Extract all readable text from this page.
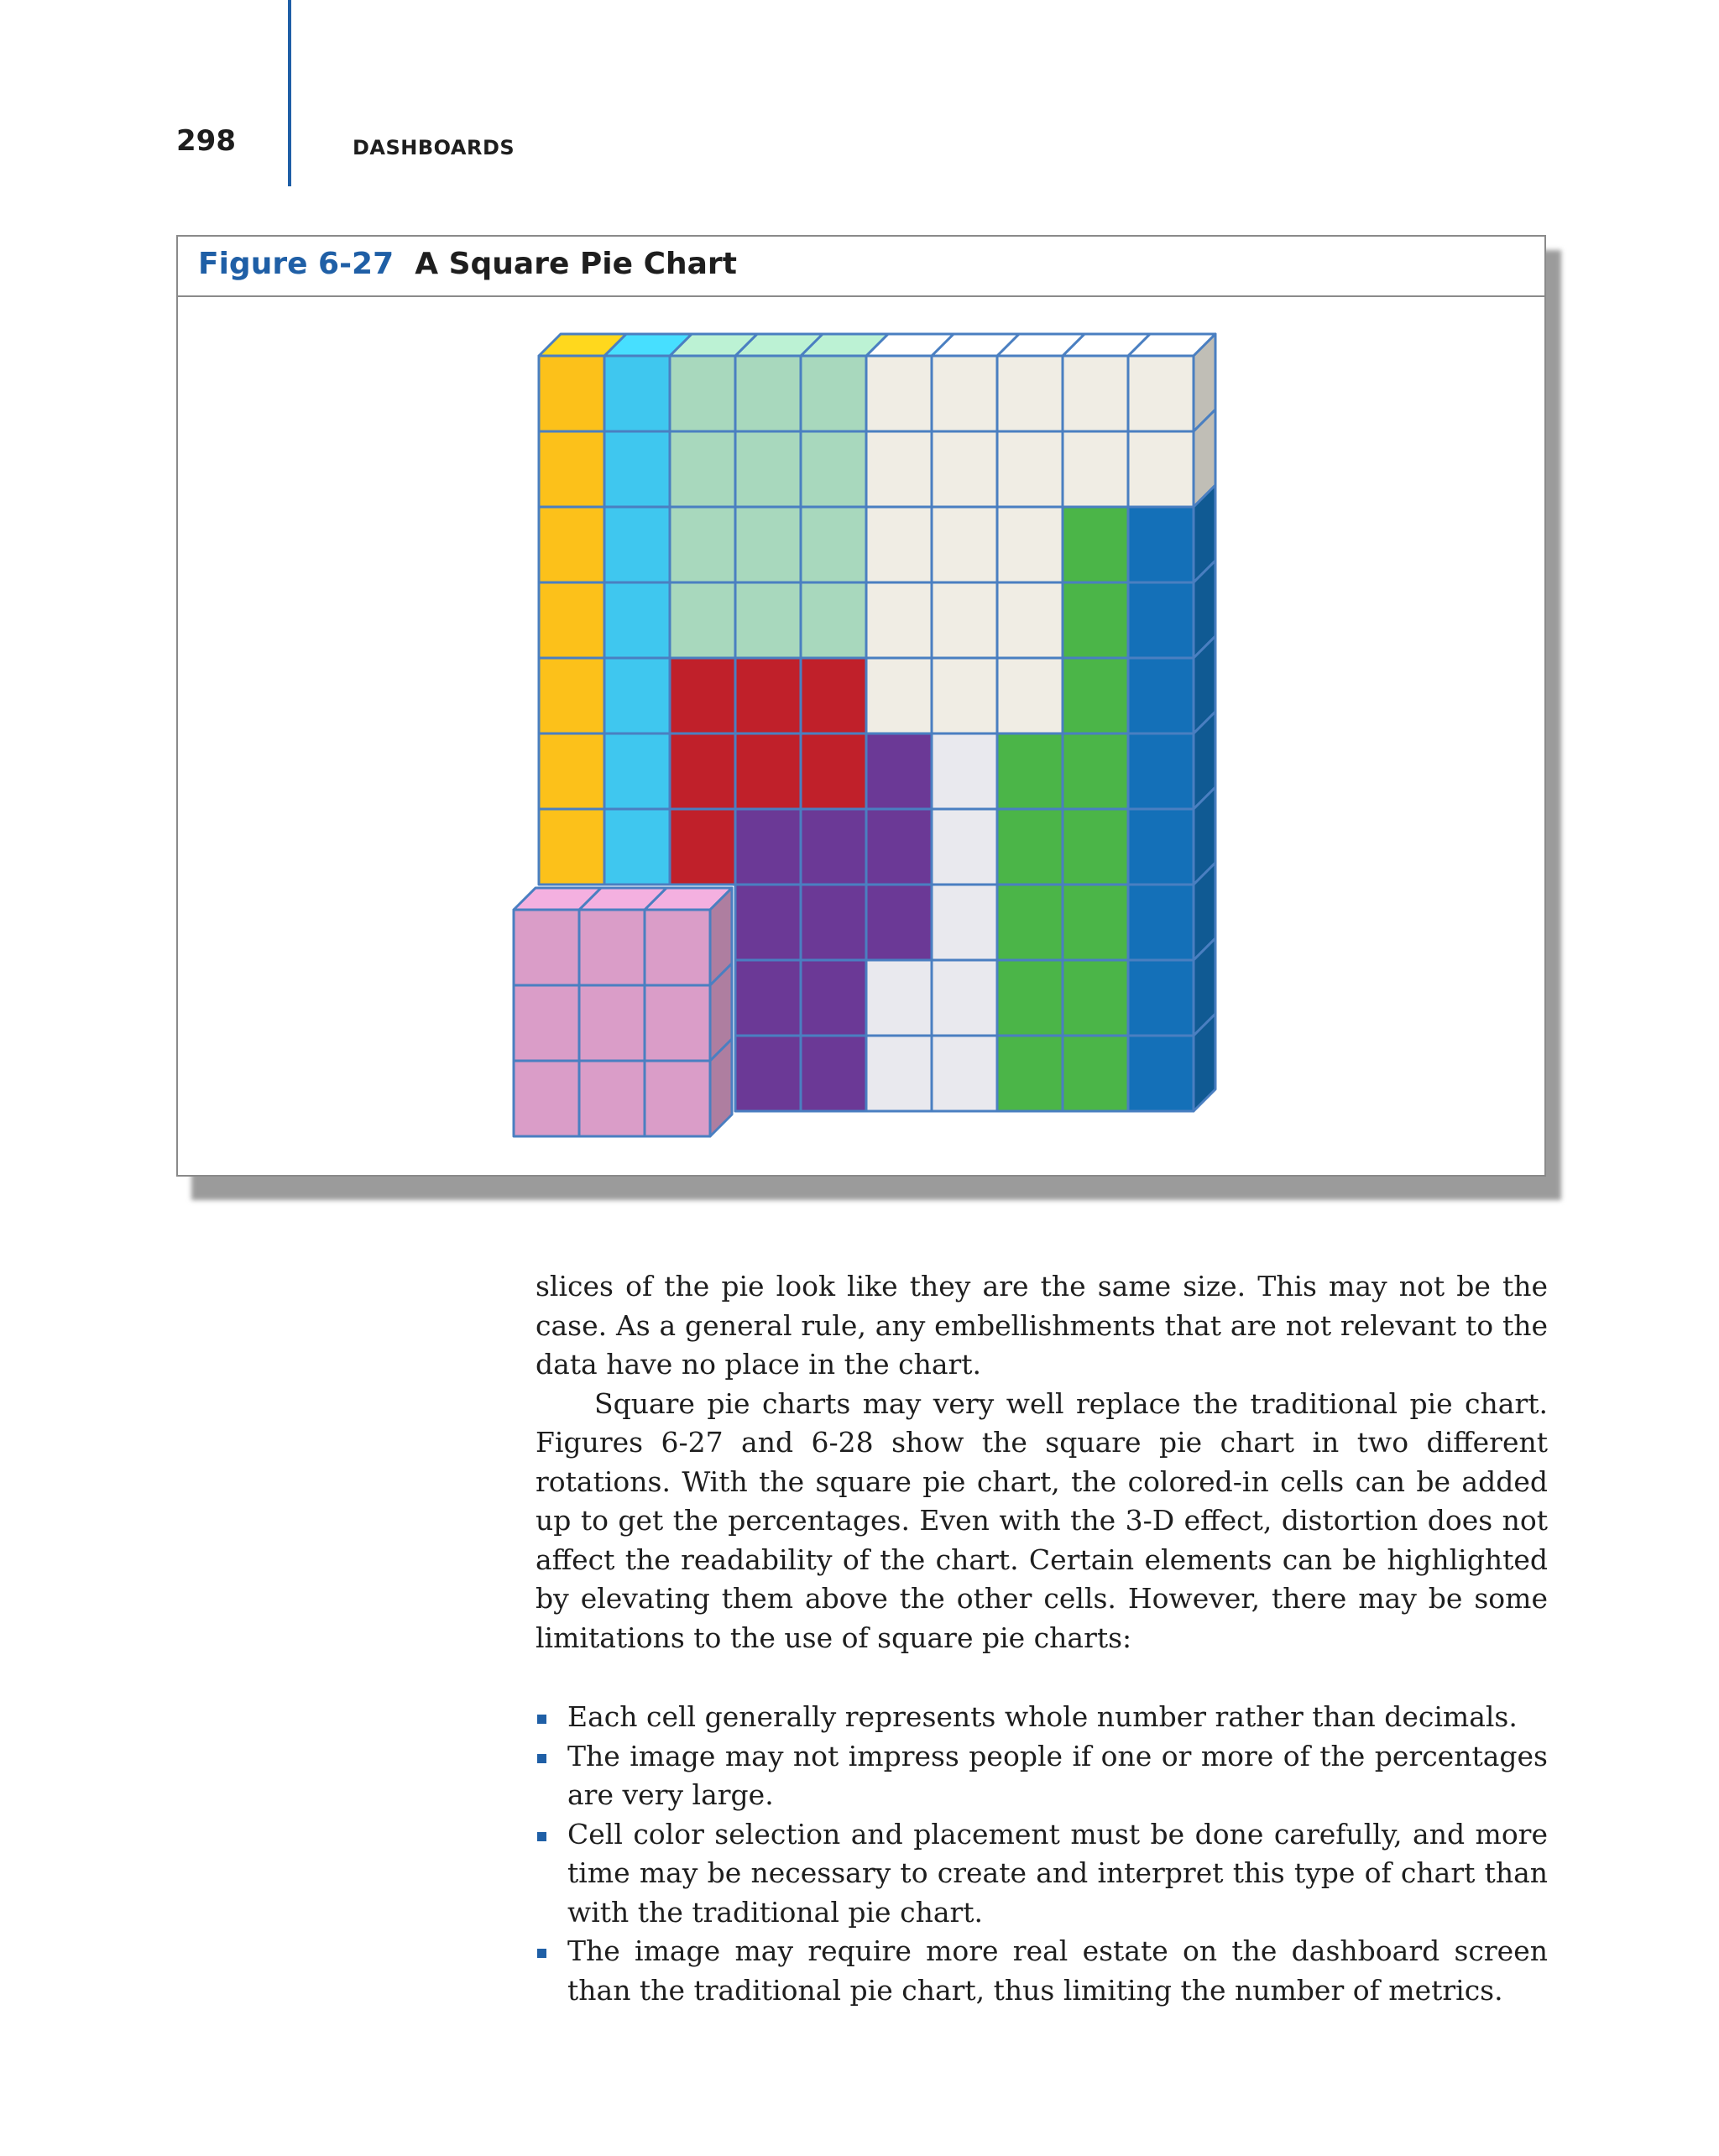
298	DASHBOARDS
Figure 6-27 A Square Pie Chart

slices of the pie look like they are the same size. This may not be the case. As a general rule, any embellishments that are not relevant to the data have no place in the chart.

Square pie charts may very well replace the traditional pie chart. Figures 6-27 and 6-28 show the square pie chart in two different rotations. With the square pie chart, the colored-in cells can be added up to get the percentages. Even with the 3-D effect, distortion does not affect the readability of the chart. Certain elements can be highlighted by elevating them above the other cells. However, there may be some limitations to the use of square pie charts:

Each cell generally represents whole number rather than decimals.
The image may not impress people if one or more of the percentages are very large.
Cell color selection and placement must be done carefully, and more time may be necessary to create and interpret this type of chart than with the traditional pie chart.
The image may require more real estate on the dashboard screen than the traditional pie chart, thus limiting the number of metrics.
